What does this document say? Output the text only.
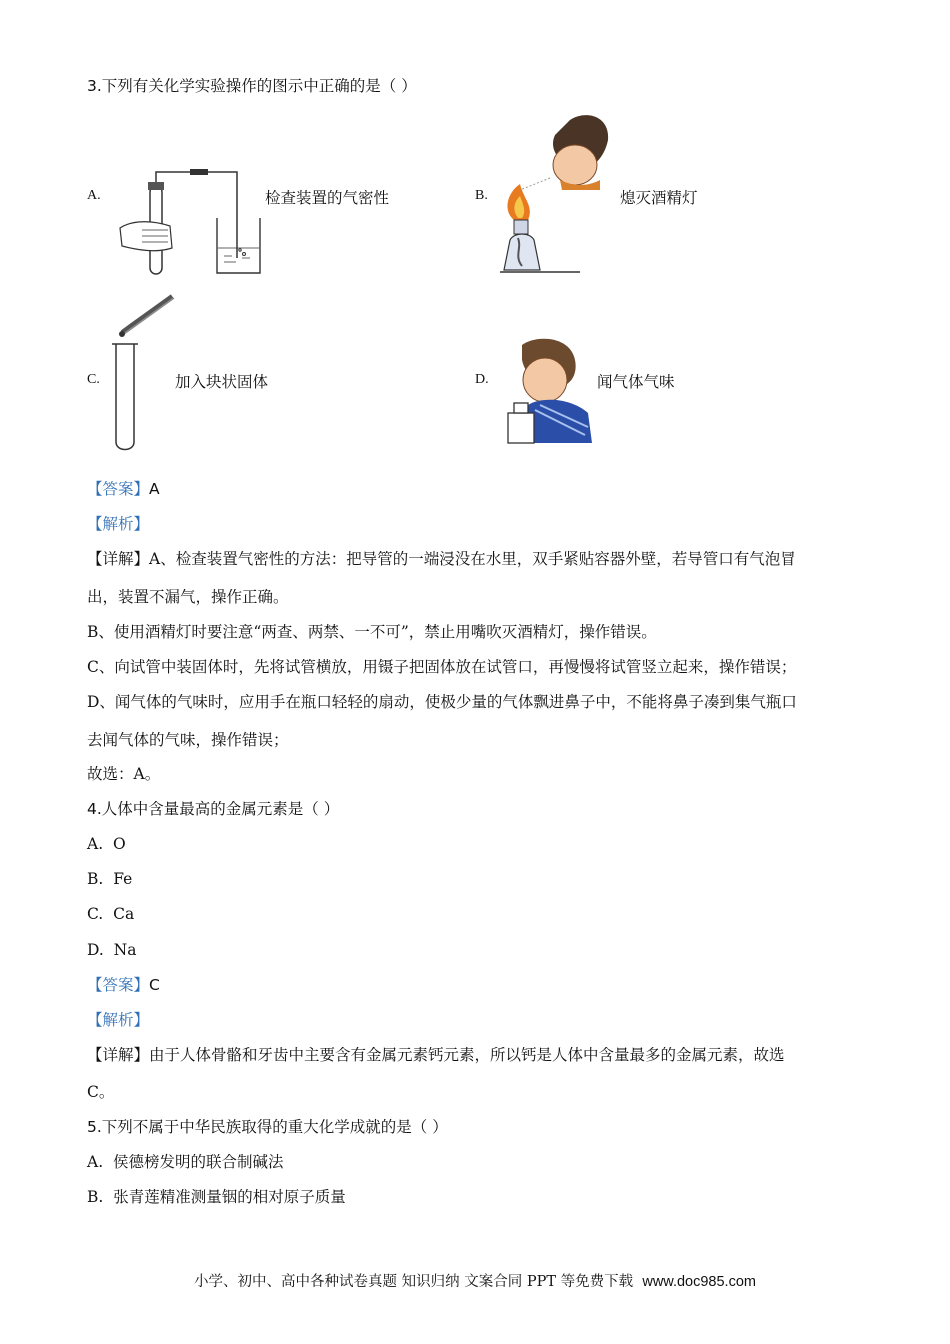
3.下列有关化学实验操作的图示中正确的是（ ）
A.	检查装置的气密性	B.	熄灭酒精灯
C.	加入块状固体	D.	闻气体气味
【答案】A
【解析】
【详解】A、检查装置气密性的方法：把导管的一端浸没在水里，双手紧贴容器外壁，若导管口有气泡冒
出，装置不漏气，操作正确。
B、使用酒精灯时要注意“两查、两禁、一不可”，禁止用嘴吹灭酒精灯，操作错误。
C、向试管中装固体时，先将试管横放，用镊子把固体放在试管口，再慢慢将试管竖立起来，操作错误；
D、闻气体的气味时，应用手在瓶口轻轻的扇动，使极少量的气体飘进鼻子中，不能将鼻子凑到集气瓶口
去闻气体的气味，操作错误；
故选：A。
4.人体中含量最高的金属元素是（ ）
A. O
B. Fe
C. Ca
D. Na
【答案】C
【解析】
【详解】由于人体骨骼和牙齿中主要含有金属元素钙元素，所以钙是人体中含量最多的金属元素，故选
C。
5.下列不属于中华民族取得的重大化学成就的是（ ）
A. 侯德榜发明的联合制碱法
B. 张青莲精准测量铟的相对原子质量
小学、初中、高中各种试卷真题 知识归纳 文案合同 PPT 等免费下载 www.doc985.com
